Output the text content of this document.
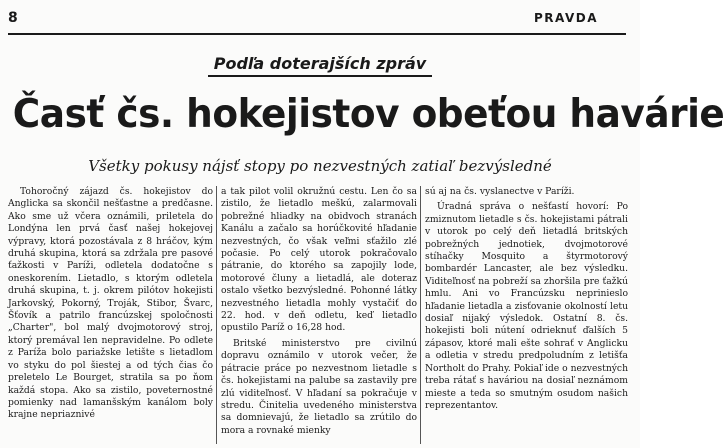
8	PRAVDA
Podľa doterajších zpráv
Časť čs. hokejistov obeťou havárie
Všetky pokusy nájsť stopy po nezvestných zatiaľ bezvýsledné
Tohoročný zájazd čs. hokejistov do Anglicka sa skončil nešťastne a predčasne. Ako sme už včera oznámili, priletela do Londýna len prvá časť našej hokejovej výpravy, ktorá pozostávala z 8 hráčov, kým druhá skupina, ktorá sa zdržala pre pasové ťažkosti v Paríži, odletela dodatočne s oneskorením. Lietadlo, s ktorým odletela druhá skupina, t. j. okrem pilótov hokejisti Jarkovský, Pokorný, Troják, Stibor, Švarc, Šťovík a patrilo francúzskej spoločnosti „Charter", bol malý dvojmotorový stroj, ktorý premával len nepravidelne. Po odlete z Paríža bolo pariažske letište s lietadlom vo styku do pol šiestej a od tých čias čo preletelo Le Bourget, stratila sa po ňom každá stopa. Ako sa zistilo, poveternostné pomienky nad lamanšským kanálom boly krajne nepriaznivé
a tak pilot volil okružnú cestu. Len čo sa zistilo, že lietadlo meškú, zalarmovali pobrežné hliadky na obidvoch stranách Kanálu a začalo sa horúčkovité hľadanie nezvestných, čo však veľmi sťažilo zlé počasie. Po celý utorok pokračovalo pátranie, do ktorého sa zapojily lode, motorové čluny a lietadlá, ale doteraz ostalo všetko bezvýsledné. Pohonné látky nezvestného lietadla mohly vystačiť do 22. hod. v deň odletu, keď lietadlo opustilo Paríž o 16,28 hod.
Britské ministerstvo pre civilnú dopravu oznámilo v utorok večer, že pátracie práce po nezvestnom lietadle s čs. hokejistami na palube sa zastavily pre zlú viditeľnosť. V hľadaní sa pokračuje v stredu. Činitelia uvedeného ministerstva sa domnievajú, že lietadlo sa zrútilo do mora a rovnaké mienky
sú aj na čs. vyslanectve v Paríži.
Úradná správa o nešťastí hovorí: Po zmiznutom lietadle s čs. hokejistami pátrali v utorok po celý deň lietadlá britských pobrežných jednotiek, dvojmotorové stíhačky Mosquito a štyrmotorový bombardér Lancaster, ale bez výsledku. Viditeľnosť na pobreží sa zhoršila pre ťažkú hmlu. Ani vo Francúzsku neprinieslo hľadanie lietadla a zisťovanie okolností letu dosiaľ nijaký výsledok. Ostatní 8. čs. hokejisti boli nútení odrieknuť ďalších 5 zápasov, ktoré mali ešte sohrať v Anglicku a odletia v stredu predpoludním z letišťa Northolt do Prahy. Pokiaľ ide o nezvestných treba rátať s haváriou na dosiaľ neznámom mieste a teda so smutným osudom našich reprezentantov.
